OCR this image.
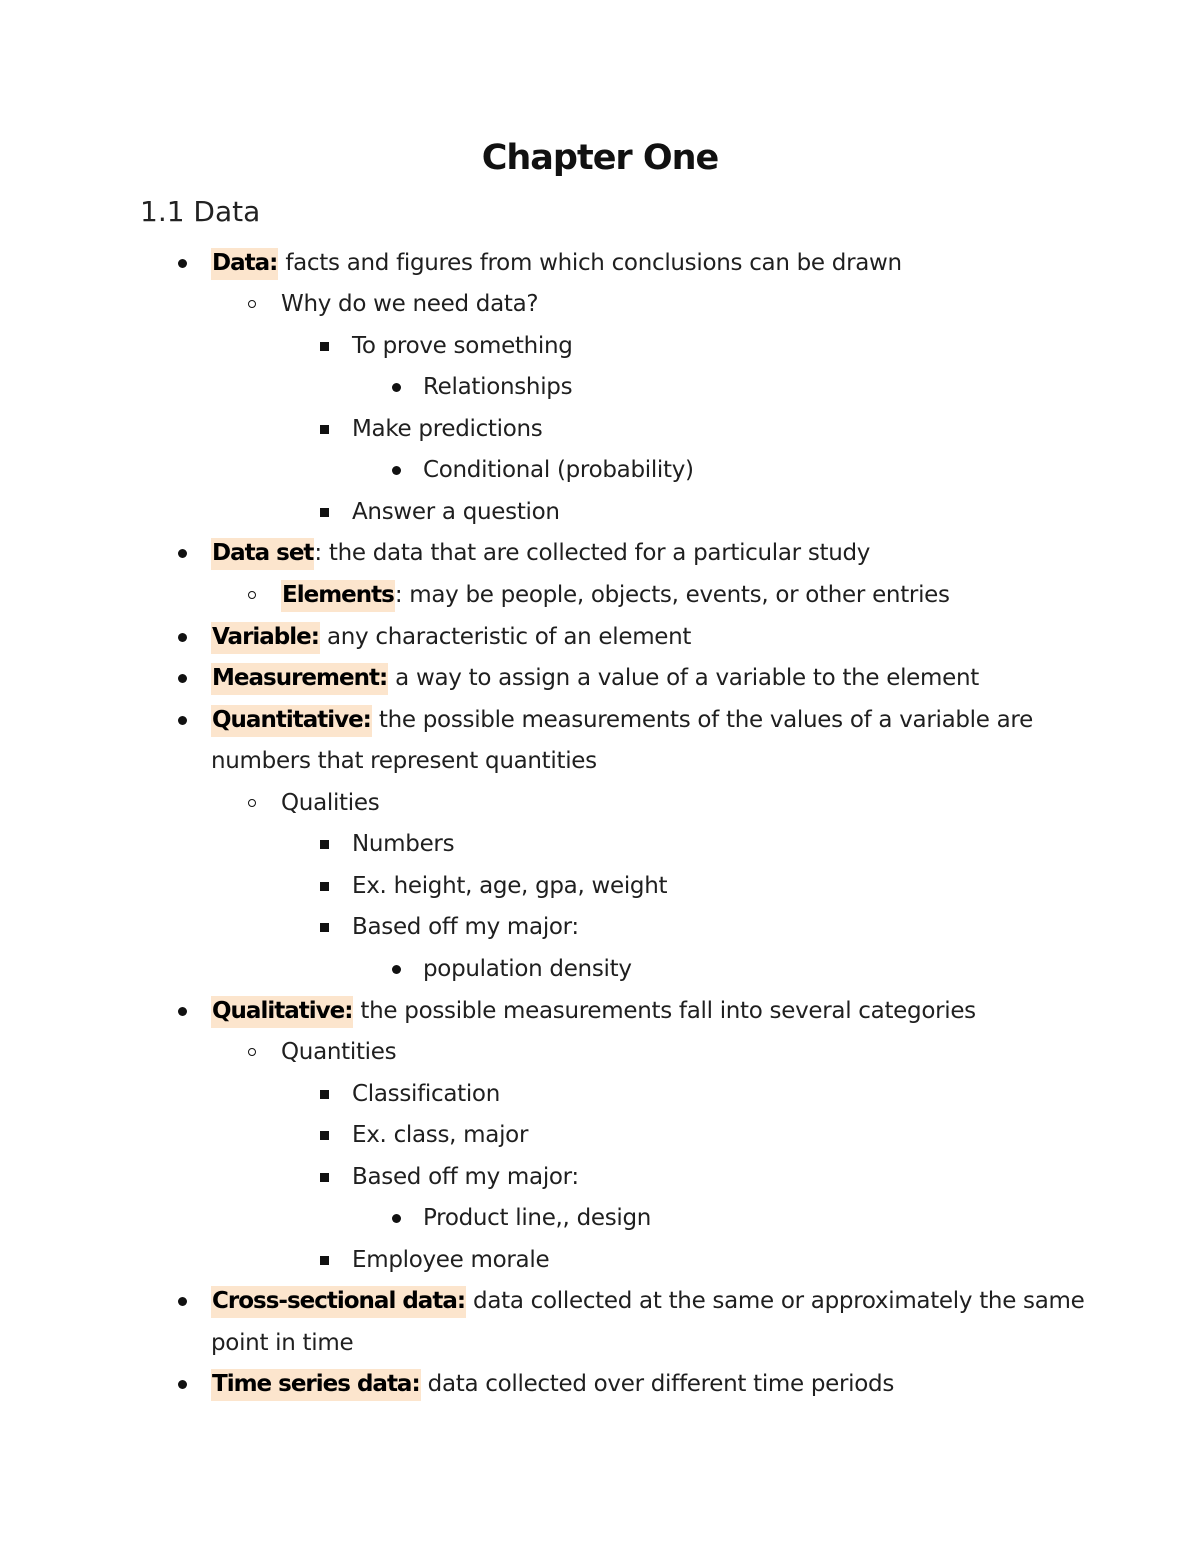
Chapter One
1.1 Data
Data: facts and figures from which conclusions can be drawn
Why do we need data?
To prove something
Relationships
Make predictions
Conditional (probability)
Answer a question
Data set: the data that are collected for a particular study
Elements: may be people, objects, events, or other entries
Variable: any characteristic of an element
Measurement: a way to assign a value of a variable to the element
Quantitative: the possible measurements of the values of a variable are
numbers that represent quantities
Qualities
Numbers
Ex. height, age, gpa, weight
Based off my major:
population density
Qualitative: the possible measurements fall into several categories
Quantities
Classification
Ex. class, major
Based off my major:
Product line,, design
Employee morale
Cross-sectional data: data collected at the same or approximately the same
point in time
Time series data: data collected over different time periods
